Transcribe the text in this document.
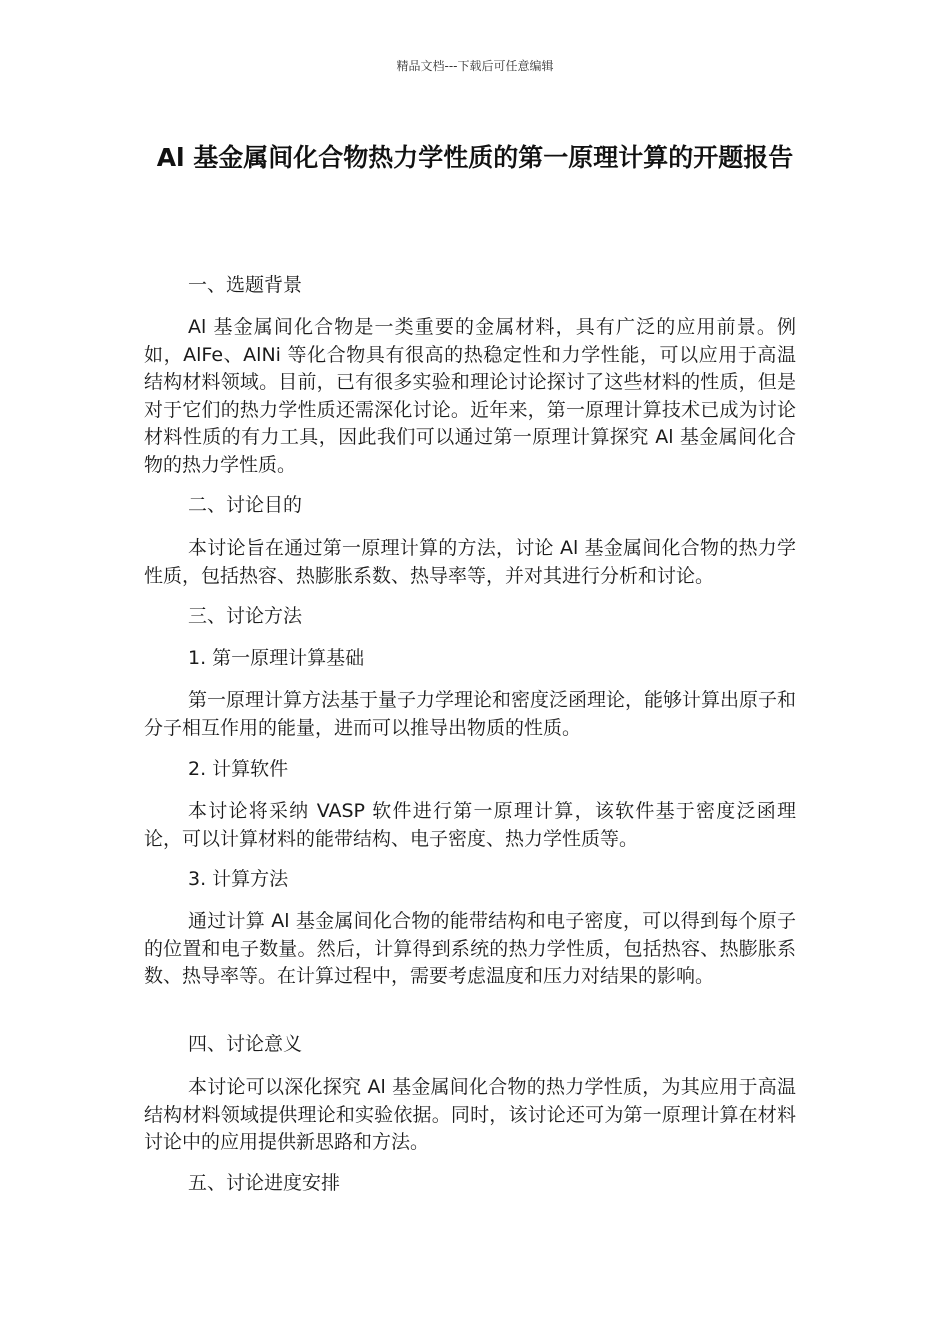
精品文档---下载后可任意编辑
Al 基金属间化合物热力学性质的第一原理计算的开题报告
一、选题背景
Al 基金属间化合物是一类重要的金属材料，具有广泛的应用前景。例如，AlFe、AlNi 等化合物具有很高的热稳定性和力学性能，可以应用于高温结构材料领域。目前，已有很多实验和理论讨论探讨了这些材料的性质，但是对于它们的热力学性质还需深化讨论。近年来，第一原理计算技术已成为讨论材料性质的有力工具，因此我们可以通过第一原理计算探究 Al 基金属间化合物的热力学性质。
二、讨论目的
本讨论旨在通过第一原理计算的方法，讨论 Al 基金属间化合物的热力学性质，包括热容、热膨胀系数、热导率等，并对其进行分析和讨论。
三、讨论方法
1. 第一原理计算基础
第一原理计算方法基于量子力学理论和密度泛函理论，能够计算出原子和分子相互作用的能量，进而可以推导出物质的性质。
2. 计算软件
本讨论将采纳 VASP 软件进行第一原理计算，该软件基于密度泛函理论，可以计算材料的能带结构、电子密度、热力学性质等。
3. 计算方法
通过计算 Al 基金属间化合物的能带结构和电子密度，可以得到每个原子的位置和电子数量。然后，计算得到系统的热力学性质，包括热容、热膨胀系数、热导率等。在计算过程中，需要考虑温度和压力对结果的影响。
四、讨论意义
本讨论可以深化探究 Al 基金属间化合物的热力学性质，为其应用于高温结构材料领域提供理论和实验依据。同时，该讨论还可为第一原理计算在材料讨论中的应用提供新思路和方法。
五、讨论进度安排
